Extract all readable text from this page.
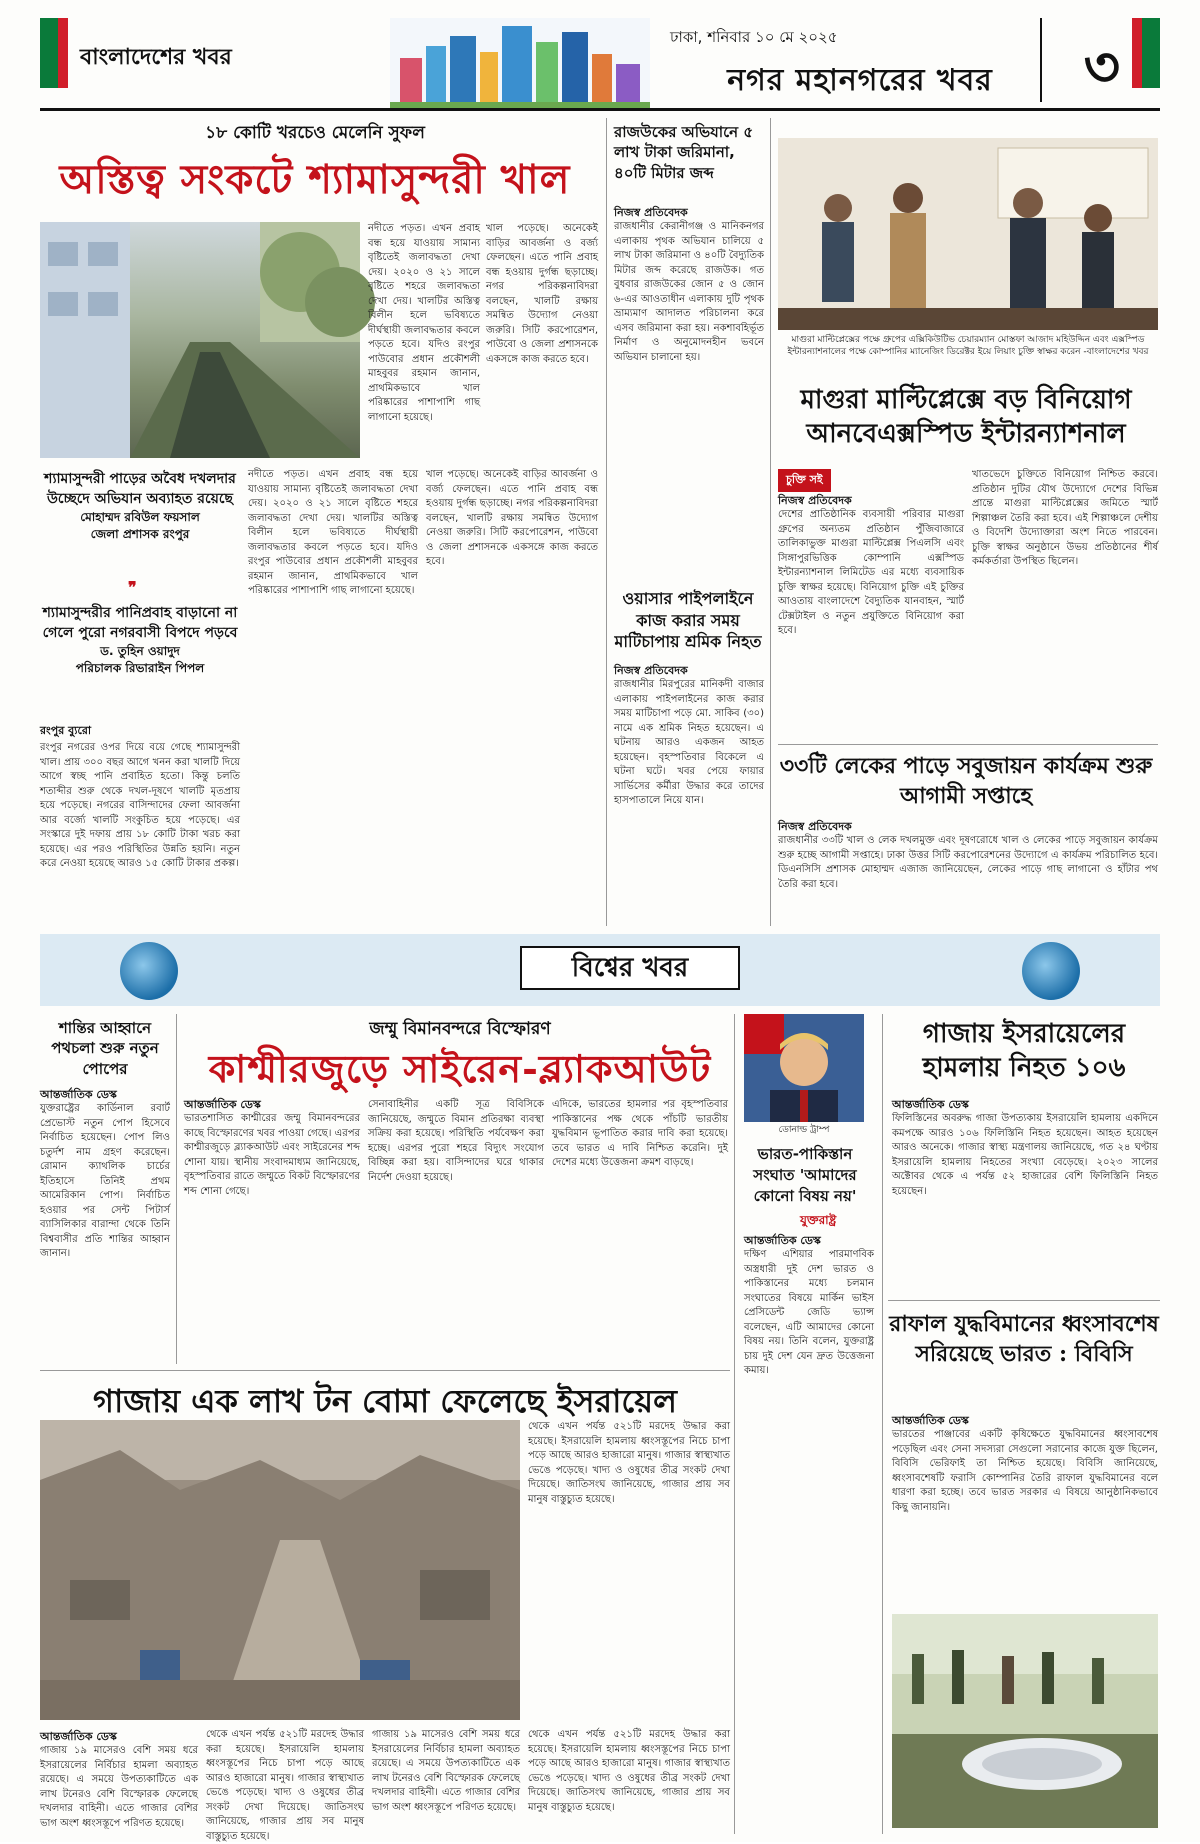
বাংলাদেশের খবর
ঢাকা, শনিবার ১০ মে ২০২৫
নগর মহানগরের খবর	৩
১৮ কোটি খরচেও মেলেনি সুফল
অস্তিত্ব সংকটে শ্যামাসুন্দরী খাল
নদীতে পড়ত। এখন প্রবাহ বন্ধ হয়ে যাওয়ায় সামান্য বৃষ্টিতেই জলাবদ্ধতা দেখা দেয়। ২০২০ ও ২১ সালে বৃষ্টিতে শহরে জলাবদ্ধতা দেখা দেয়। খালটির অস্তিত্ব বিলীন হলে ভবিষ্যতে দীর্ঘস্থায়ী জলাবদ্ধতার কবলে পড়তে হবে। যদিও রংপুর পাউবোর প্রধান প্রকৌশলী মাহবুবর রহমান জানান, প্রাথমিকভাবে খাল পরিষ্কারের পাশাপাশি গাছ লাগানো হয়েছে।
খাল পড়েছে। অনেকেই বাড়ির আবর্জনা ও বর্জ্য ফেলছেন। এতে পানি প্রবাহ বন্ধ হওয়ায় দুর্গন্ধ ছড়াচ্ছে। নগর পরিকল্পনাবিদরা বলছেন, খালটি রক্ষায় সমন্বিত উদ্যোগ নেওয়া জরুরি। সিটি করপোরেশন, পাউবো ও জেলা প্রশাসনকে একসঙ্গে কাজ করতে হবে।
শ্যামাসুন্দরী পাড়ের অবৈধ দখলদার উচ্ছেদে অভিযান অব্যাহত রয়েছে
মোহাম্মদ রবিউল ফয়সাল
জেলা প্রশাসক রংপুর
❞
শ্যামাসুন্দরীর পানিপ্রবাহ বাড়ানো না গেলে পুরো নগরবাসী বিপদে পড়বে
ড. তুহিন ওয়াদুদ
পরিচালক রিভারাইন পিপল
রংপুর ব্যুরো
রংপুর নগরের ওপর দিয়ে বয়ে গেছে শ্যামাসুন্দরী খাল। প্রায় ৩০০ বছর আগে খনন করা খালটি দিয়ে আগে স্বচ্ছ পানি প্রবাহিত হতো। কিন্তু চলতি শতাব্দীর শুরু থেকে দখল-দূষণে খালটি মৃতপ্রায় হয়ে পড়েছে। নগরের বাসিন্দাদের ফেলা আবর্জনা আর বর্জ্যে খালটি সংকুচিত হয়ে পড়েছে। এর সংস্কারে দুই দফায় প্রায় ১৮ কোটি টাকা খরচ করা হয়েছে। এর পরও পরিস্থিতির উন্নতি হয়নি। নতুন করে নেওয়া হয়েছে আরও ১৫ কোটি টাকার প্রকল্প।
নদীতে পড়ত। এখন প্রবাহ বন্ধ হয়ে যাওয়ায় সামান্য বৃষ্টিতেই জলাবদ্ধতা দেখা দেয়। ২০২০ ও ২১ সালে বৃষ্টিতে শহরে জলাবদ্ধতা দেখা দেয়। খালটির অস্তিত্ব বিলীন হলে ভবিষ্যতে দীর্ঘস্থায়ী জলাবদ্ধতার কবলে পড়তে হবে। যদিও রংপুর পাউবোর প্রধান প্রকৌশলী মাহবুবর রহমান জানান, প্রাথমিকভাবে খাল পরিষ্কারের পাশাপাশি গাছ লাগানো হয়েছে।
খাল পড়েছে। অনেকেই বাড়ির আবর্জনা ও বর্জ্য ফেলছেন। এতে পানি প্রবাহ বন্ধ হওয়ায় দুর্গন্ধ ছড়াচ্ছে। নগর পরিকল্পনাবিদরা বলছেন, খালটি রক্ষায় সমন্বিত উদ্যোগ নেওয়া জরুরি। সিটি করপোরেশন, পাউবো ও জেলা প্রশাসনকে একসঙ্গে কাজ করতে হবে।
রাজউকের অভিযানে ৫ লাখ টাকা জরিমানা, ৪০টি মিটার জব্দ
নিজস্ব প্রতিবেদক
রাজধানীর কেরানীগঞ্জ ও মানিকনগর এলাকায় পৃথক অভিযান চালিয়ে ৫ লাখ টাকা জরিমানা ও ৪০টি বৈদ্যুতিক মিটার জব্দ করেছে রাজউক। গত বুধবার রাজউকের জোন ৫ ও জোন ৬-এর আওতাধীন এলাকায় দুটি পৃথক ভ্রাম্যমাণ আদালত পরিচালনা করে এসব জরিমানা করা হয়। নকশাবহির্ভূত নির্মাণ ও অনুমোদনহীন ভবনে অভিযান চালানো হয়।
ওয়াসার পাইপলাইনে কাজ করার সময় মাটিচাপায় শ্রমিক নিহত
নিজস্ব প্রতিবেদক
রাজধানীর মিরপুরের মানিকদী বাজার এলাকায় পাইপলাইনের কাজ করার সময় মাটিচাপা পড়ে মো. সাকিব (৩০) নামে এক শ্রমিক নিহত হয়েছেন। এ ঘটনায় আরও একজন আহত হয়েছেন। বৃহস্পতিবার বিকেলে এ ঘটনা ঘটে। খবর পেয়ে ফায়ার সার্ভিসের কর্মীরা উদ্ধার করে তাদের হাসপাতালে নিয়ে যান।
মাগুরা মাল্টিপ্লেক্সের পক্ষে গ্রুপের এক্সিকিউটিভ চেয়ারম্যান মোস্তফা আজাদ মহিউদ্দিন এবং এক্সস্পিড ইন্টারন্যাশনালের পক্ষে কোম্পানির ম্যানেজিং ডিরেক্টর ইয়ে লিয়াং চুক্তি স্বাক্ষর করেন -বাংলাদেশের খবর
মাগুরা মাল্টিপ্লেক্সে বড় বিনিয়োগ আনবেএক্সস্পিড ইন্টারন্যাশনাল
চুক্তি সই
নিজস্ব প্রতিবেদক
দেশের প্রাতিষ্ঠানিক ব্যবসায়ী পরিবার মাগুরা গ্রুপের অন্যতম প্রতিষ্ঠান পুঁজিবাজারে তালিকাভুক্ত মাগুরা মাল্টিপ্লেক্স পিএলসি এবং সিঙ্গাপুরভিত্তিক কোম্পানি এক্সস্পিড ইন্টারন্যাশনাল লিমিটেড এর মধ্যে ব্যবসায়িক চুক্তি স্বাক্ষর হয়েছে। বিনিয়োগ চুক্তি এই চুক্তির আওতায় বাংলাদেশে বৈদ্যুতিক যানবাহন, স্মার্ট টেক্সটাইল ও নতুন প্রযুক্তিতে বিনিয়োগ করা হবে।
খাতভেদে চুক্তিতে বিনিয়োগ নিশ্চিত করবে। প্রতিষ্ঠান দুটির যৌথ উদ্যোগে দেশের বিভিন্ন প্রান্তে মাগুরা মাল্টিপ্লেক্সের জমিতে স্মার্ট শিল্পাঞ্চল তৈরি করা হবে। এই শিল্পাঞ্চলে দেশীয় ও বিদেশি উদ্যোক্তারা অংশ নিতে পারবেন। চুক্তি স্বাক্ষর অনুষ্ঠানে উভয় প্রতিষ্ঠানের শীর্ষ কর্মকর্তারা উপস্থিত ছিলেন।
৩৩টি লেকের পাড়ে সবুজায়ন কার্যক্রম শুরু আগামী সপ্তাহে
নিজস্ব প্রতিবেদক
রাজধানীর ৩৩টি খাল ও লেক দখলমুক্ত এবং দূষণরোধে খাল ও লেকের পাড়ে সবুজায়ন কার্যক্রম শুরু হচ্ছে আগামী সপ্তাহে। ঢাকা উত্তর সিটি করপোরেশনের উদ্যোগে এ কার্যক্রম পরিচালিত হবে। ডিএনসিসি প্রশাসক মোহাম্মদ এজাজ জানিয়েছেন, লেকের পাড়ে গাছ লাগানো ও হাঁটার পথ তৈরি করা হবে।
বিশ্বের খবর
শান্তির আহ্বানে পথচলা শুরু নতুন পোপের
আন্তর্জাতিক ডেস্ক
যুক্তরাষ্ট্রের কার্ডিনাল রবার্ট প্রেভোস্ট নতুন পোপ হিসেবে নির্বাচিত হয়েছেন। পোপ লিও চতুর্দশ নাম গ্রহণ করেছেন। রোমান ক্যাথলিক চার্চের ইতিহাসে তিনিই প্রথম আমেরিকান পোপ। নির্বাচিত হওয়ার পর সেন্ট পিটার্স ব্যাসিলিকার বারান্দা থেকে তিনি বিশ্ববাসীর প্রতি শান্তির আহ্বান জানান।
জম্মু বিমানবন্দরে বিস্ফোরণ
কাশ্মীরজুড়ে সাইরেন-ব্ল্যাকআউট
আন্তর্জাতিক ডেস্ক
ভারতশাসিত কাশ্মীরের জম্মু বিমানবন্দরের কাছে বিস্ফোরণের খবর পাওয়া গেছে। এরপর কাশ্মীরজুড়ে ব্ল্যাকআউট এবং সাইরেনের শব্দ শোনা যায়। স্থানীয় সংবাদমাধ্যম জানিয়েছে, বৃহস্পতিবার রাতে জম্মুতে বিকট বিস্ফোরণের শব্দ শোনা গেছে।
সেনাবাহিনীর একটি সূত্র বিবিসিকে জানিয়েছে, জম্মুতে বিমান প্রতিরক্ষা ব্যবস্থা সক্রিয় করা হয়েছে। পরিস্থিতি পর্যবেক্ষণ করা হচ্ছে। এরপর পুরো শহরে বিদ্যুৎ সংযোগ বিচ্ছিন্ন করা হয়। বাসিন্দাদের ঘরে থাকার নির্দেশ দেওয়া হয়েছে।
এদিকে, ভারতের হামলার পর বৃহস্পতিবার পাকিস্তানের পক্ষ থেকে পাঁচটি ভারতীয় যুদ্ধবিমান ভূপাতিত করার দাবি করা হয়েছে। তবে ভারত এ দাবি নিশ্চিত করেনি। দুই দেশের মধ্যে উত্তেজনা ক্রমশ বাড়ছে।
ডোনাল্ড ট্রাম্প
ভারত-পাকিস্তান সংঘাত 'আমাদের কোনো বিষয় নয়'
যুক্তরাষ্ট্র
আন্তর্জাতিক ডেস্ক
দক্ষিণ এশিয়ার পারমাণবিক অস্ত্রধারী দুই দেশ ভারত ও পাকিস্তানের মধ্যে চলমান সংঘাতের বিষয়ে মার্কিন ভাইস প্রেসিডেন্ট জেডি ভ্যান্স বলেছেন, এটি আমাদের কোনো বিষয় নয়। তিনি বলেন, যুক্তরাষ্ট্র চায় দুই দেশ যেন দ্রুত উত্তেজনা কমায়।
গাজায় ইসরায়েলের হামলায় নিহত ১০৬
আন্তর্জাতিক ডেস্ক
ফিলিস্তিনের অবরুদ্ধ গাজা উপত্যকায় ইসরায়েলি হামলায় একদিনে কমপক্ষে আরও ১০৬ ফিলিস্তিনি নিহত হয়েছেন। আহত হয়েছেন আরও অনেকে। গাজার স্বাস্থ্য মন্ত্রণালয় জানিয়েছে, গত ২৪ ঘণ্টায় ইসরায়েলি হামলায় নিহতের সংখ্যা বেড়েছে। ২০২৩ সালের অক্টোবর থেকে এ পর্যন্ত ৫২ হাজারের বেশি ফিলিস্তিনি নিহত হয়েছেন।
রাফাল যুদ্ধবিমানের ধ্বংসাবশেষ সরিয়েছে ভারত : বিবিসি
আন্তর্জাতিক ডেস্ক
ভারতের পাঞ্জাবের একটি কৃষিক্ষেতে যুদ্ধবিমানের ধ্বংসাবশেষ পড়েছিল এবং সেনা সদস্যরা সেগুলো সরানোর কাজে যুক্ত ছিলেন, বিবিসি ভেরিফাই তা নিশ্চিত হয়েছে। বিবিসি জানিয়েছে, ধ্বংসাবশেষটি ফরাসি কোম্পানির তৈরি রাফাল যুদ্ধবিমানের বলে ধারণা করা হচ্ছে। তবে ভারত সরকার এ বিষয়ে আনুষ্ঠানিকভাবে কিছু জানায়নি।
গাজায় এক লাখ টন বোমা ফেলেছে ইসরায়েল
থেকে এখন পর্যন্ত ৫২১টি মরদেহ উদ্ধার করা হয়েছে। ইসরায়েলি হামলায় ধ্বংসস্তূপের নিচে চাপা পড়ে আছে আরও হাজারো মানুষ। গাজার স্বাস্থ্যখাত ভেঙে পড়েছে। খাদ্য ও ওষুধের তীব্র সংকট দেখা দিয়েছে। জাতিসংঘ জানিয়েছে, গাজার প্রায় সব মানুষ বাস্তুচ্যুত হয়েছে।
আন্তর্জাতিক ডেস্ক
গাজায় ১৯ মাসেরও বেশি সময় ধরে ইসরায়েলের নির্বিচার হামলা অব্যাহত রয়েছে। এ সময়ে উপত্যকাটিতে এক লাখ টনেরও বেশি বিস্ফোরক ফেলেছে দখলদার বাহিনী। এতে গাজার বেশির ভাগ অংশ ধ্বংসস্তূপে পরিণত হয়েছে।
থেকে এখন পর্যন্ত ৫২১টি মরদেহ উদ্ধার করা হয়েছে। ইসরায়েলি হামলায় ধ্বংসস্তূপের নিচে চাপা পড়ে আছে আরও হাজারো মানুষ। গাজার স্বাস্থ্যখাত ভেঙে পড়েছে। খাদ্য ও ওষুধের তীব্র সংকট দেখা দিয়েছে। জাতিসংঘ জানিয়েছে, গাজার প্রায় সব মানুষ বাস্তুচ্যুত হয়েছে।
গাজায় ১৯ মাসেরও বেশি সময় ধরে ইসরায়েলের নির্বিচার হামলা অব্যাহত রয়েছে। এ সময়ে উপত্যকাটিতে এক লাখ টনেরও বেশি বিস্ফোরক ফেলেছে দখলদার বাহিনী। এতে গাজার বেশির ভাগ অংশ ধ্বংসস্তূপে পরিণত হয়েছে।
থেকে এখন পর্যন্ত ৫২১টি মরদেহ উদ্ধার করা হয়েছে। ইসরায়েলি হামলায় ধ্বংসস্তূপের নিচে চাপা পড়ে আছে আরও হাজারো মানুষ। গাজার স্বাস্থ্যখাত ভেঙে পড়েছে। খাদ্য ও ওষুধের তীব্র সংকট দেখা দিয়েছে। জাতিসংঘ জানিয়েছে, গাজার প্রায় সব মানুষ বাস্তুচ্যুত হয়েছে।
